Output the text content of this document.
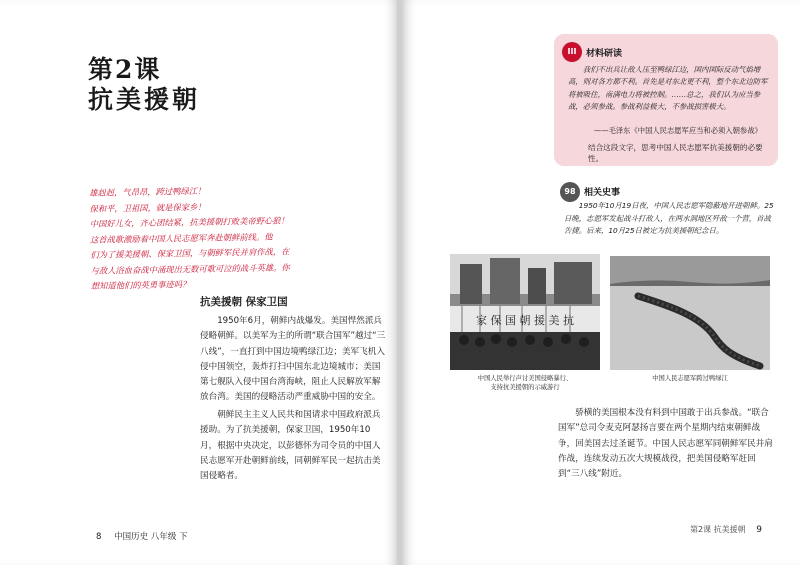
第2课
抗美援朝
雄赳赳，气昂昂，跨过鸭绿江！
保和平，卫祖国，就是保家乡！
中国好儿女，齐心团结紧，抗美援朝打败美帝野心狼！
这首战歌激励着中国人民志愿军奔赴朝鲜前线。他
们为了援美援朝、保家卫国，与朝鲜军民并肩作战，在
与敌人浴血奋战中涌现出无数可歌可泣的战斗英雄。你
想知道他们的英勇事迹吗？
抗美援朝 保家卫国

1950年6月，朝鲜内战爆发。美国悍然派兵侵略朝鲜。以美军为主的所谓“联合国军”越过“三八线”，一直打到中国边境鸭绿江边；美军飞机入侵中国领空，轰炸打扫中国东北边境城市；美国第七舰队入侵中国台湾海峡，阻止人民解放军解放台湾。美国的侵略活动严重威胁中国的安全。

朝鲜民主主义人民共和国请求中国政府派兵援助。为了抗美援朝，保家卫国，1950年10月，根据中央决定，以彭德怀为司令员的中国人民志愿军开赴朝鲜前线，同朝鲜军民一起抗击美国侵略者。

8 中国历史 八年级 下
III	材料研读

我们不出兵让敌人压至鸭绿江边，国内国际反动气焰增高，则对各方都不利。首先是对东北更不利，整个东北边防军将被吸住，南满电力将被控制。……总之，我们认为应当参战，必须参战。参战利益极大，不参战损害极大。

——毛泽东《中国人民志愿军应当和必须入朝参战》
结合这段文字，思考中国人民志愿军抗美援朝的必要性。
98 相关史事

1950年10月19日夜，中国人民志愿军隐蔽地开进朝鲜。25日晚，志愿军发起战斗打敌人，在两水洞地区歼敌一个营，首战告捷。后来，10月25日被定为抗美援朝纪念日。

家 保 国 朝 援 美 抗
中国人民举行声讨美国侵略暴行、
支持抗美援朝的示威游行
中国人民志愿军跨过鸭绿江

骄横的美国根本没有料到中国敢于出兵参战。“联合国军”总司令麦克阿瑟扬言要在两个星期内结束朝鲜战争，回美国去过圣诞节。中国人民志愿军同朝鲜军民并肩作战，连续发动五次大规模战役，把美国侵略军赶回到“三八线”附近。

第2课 抗美援朝 9
